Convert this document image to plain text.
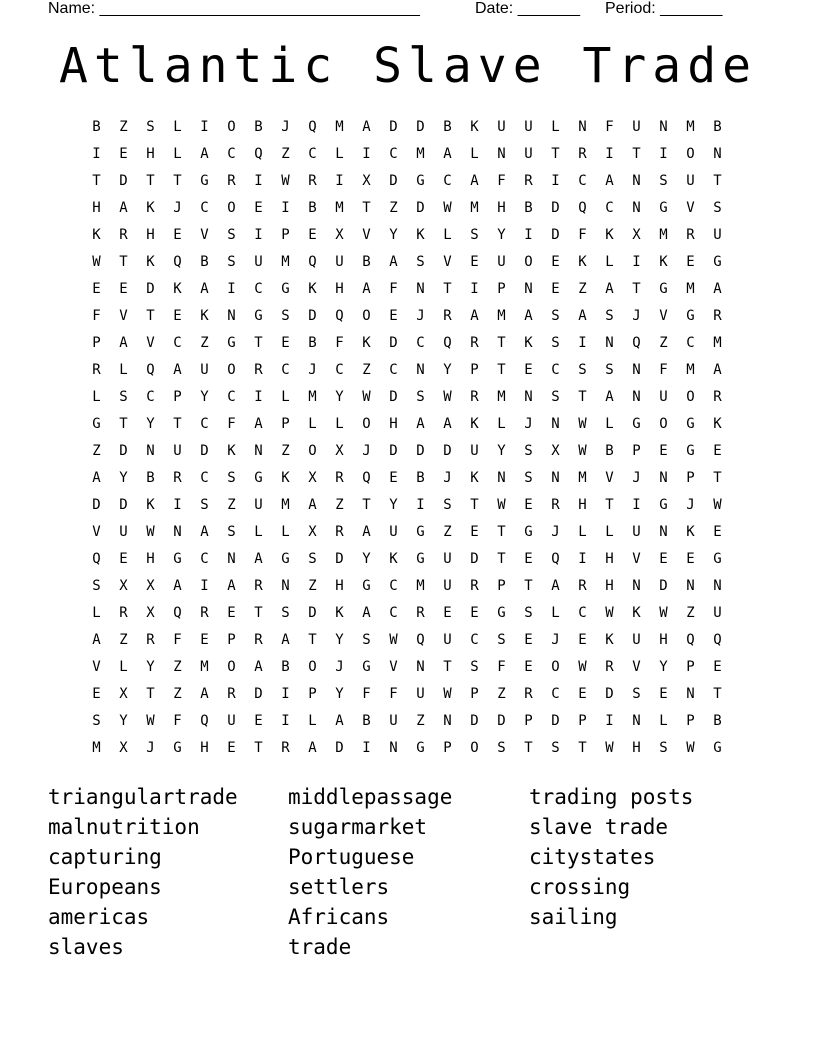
Name: ____________________________________	Date: _______ Period: _______
Atlantic Slave Trade
B	Z	S	L	I	O	B	J	Q	M	A	D	D	B	K	U	U	L	N	F	U	N	M	B
I	E	H	L	A	C	Q	Z	C	L	I	C	M	A	L	N	U	T	R	I	T	I	O	N
T	D	T	T	G	R	I	W	R	I	X	D	G	C	A	F	R	I	C	A	N	S	U	T
H	A	K	J	C	O	E	I	B	M	T	Z	D	W	M	H	B	D	Q	C	N	G	V	S
K	R	H	E	V	S	I	P	E	X	V	Y	K	L	S	Y	I	D	F	K	X	M	R	U
W	T	K	Q	B	S	U	M	Q	U	B	A	S	V	E	U	O	E	K	L	I	K	E	G
E	E	D	K	A	I	C	G	K	H	A	F	N	T	I	P	N	E	Z	A	T	G	M	A
F	V	T	E	K	N	G	S	D	Q	O	E	J	R	A	M	A	S	A	S	J	V	G	R
P	A	V	C	Z	G	T	E	B	F	K	D	C	Q	R	T	K	S	I	N	Q	Z	C	M
R	L	Q	A	U	O	R	C	J	C	Z	C	N	Y	P	T	E	C	S	S	N	F	M	A
L	S	C	P	Y	C	I	L	M	Y	W	D	S	W	R	M	N	S	T	A	N	U	O	R
G	T	Y	T	C	F	A	P	L	L	O	H	A	A	K	L	J	N	W	L	G	O	G	K
Z	D	N	U	D	K	N	Z	O	X	J	D	D	D	U	Y	S	X	W	B	P	E	G	E
A	Y	B	R	C	S	G	K	X	R	Q	E	B	J	K	N	S	N	M	V	J	N	P	T
D	D	K	I	S	Z	U	M	A	Z	T	Y	I	S	T	W	E	R	H	T	I	G	J	W
V	U	W	N	A	S	L	L	X	R	A	U	G	Z	E	T	G	J	L	L	U	N	K	E
Q	E	H	G	C	N	A	G	S	D	Y	K	G	U	D	T	E	Q	I	H	V	E	E	G
S	X	X	A	I	A	R	N	Z	H	G	C	M	U	R	P	T	A	R	H	N	D	N	N
L	R	X	Q	R	E	T	S	D	K	A	C	R	E	E	G	S	L	C	W	K	W	Z	U
A	Z	R	F	E	P	R	A	T	Y	S	W	Q	U	C	S	E	J	E	K	U	H	Q	Q
V	L	Y	Z	M	O	A	B	O	J	G	V	N	T	S	F	E	O	W	R	V	Y	P	E
E	X	T	Z	A	R	D	I	P	Y	F	F	U	W	P	Z	R	C	E	D	S	E	N	T
S	Y	W	F	Q	U	E	I	L	A	B	U	Z	N	D	D	P	D	P	I	N	L	P	B
M	X	J	G	H	E	T	R	A	D	I	N	G	P	O	S	T	S	T	W	H	S	W	G
triangulartrade
malnutrition
capturing
Europeans
americas
slaves
middlepassage
sugarmarket
Portuguese
settlers
Africans
trade
trading posts
slave trade
citystates
crossing
sailing
